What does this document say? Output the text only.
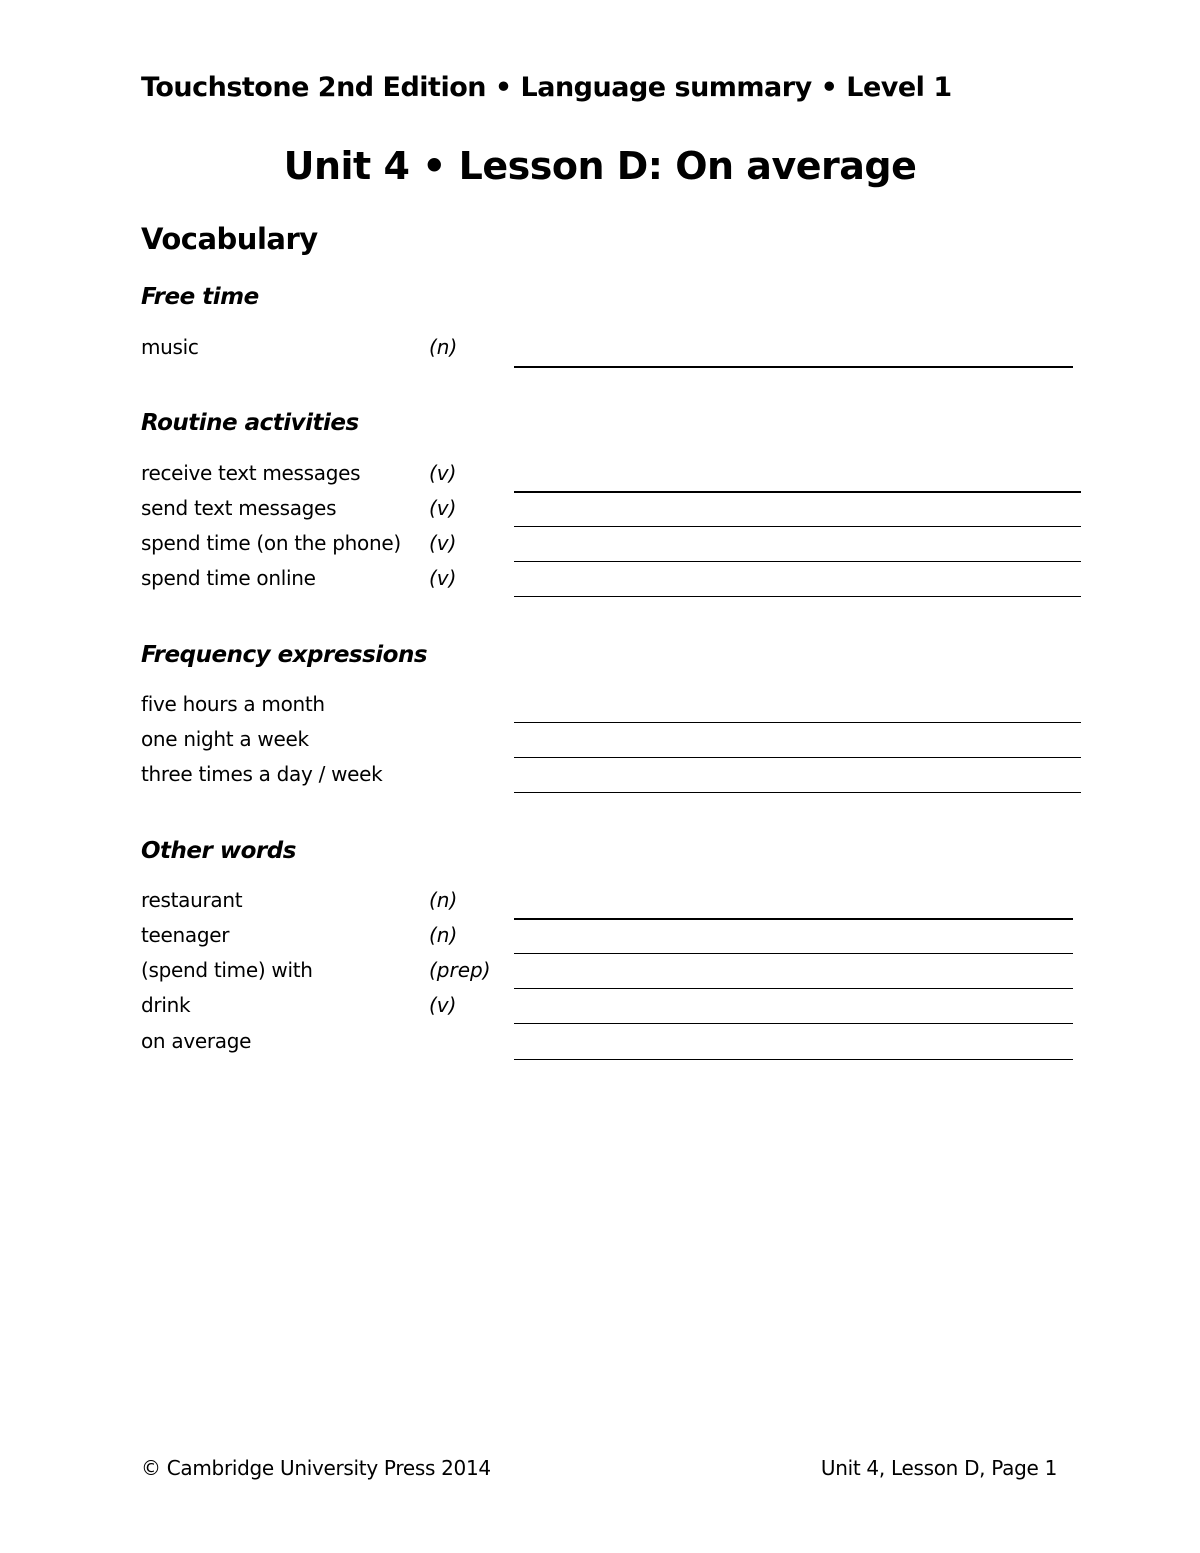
Touchstone 2nd Edition • Language summary • Level 1
Unit 4 • Lesson D: On average
Vocabulary
Free time
music	(n)
Routine activities
receive text messages	(v)
send text messages	(v)
spend time (on the phone) (v)
spend time online	(v)
Frequency expressions
five hours a month
one night a week
three times a day / week
Other words
restaurant	(n)
teenager	(n)
(spend time) with	(prep)
drink	(v)
on average
© Cambridge University Press 2014	Unit 4, Lesson D, Page 1
